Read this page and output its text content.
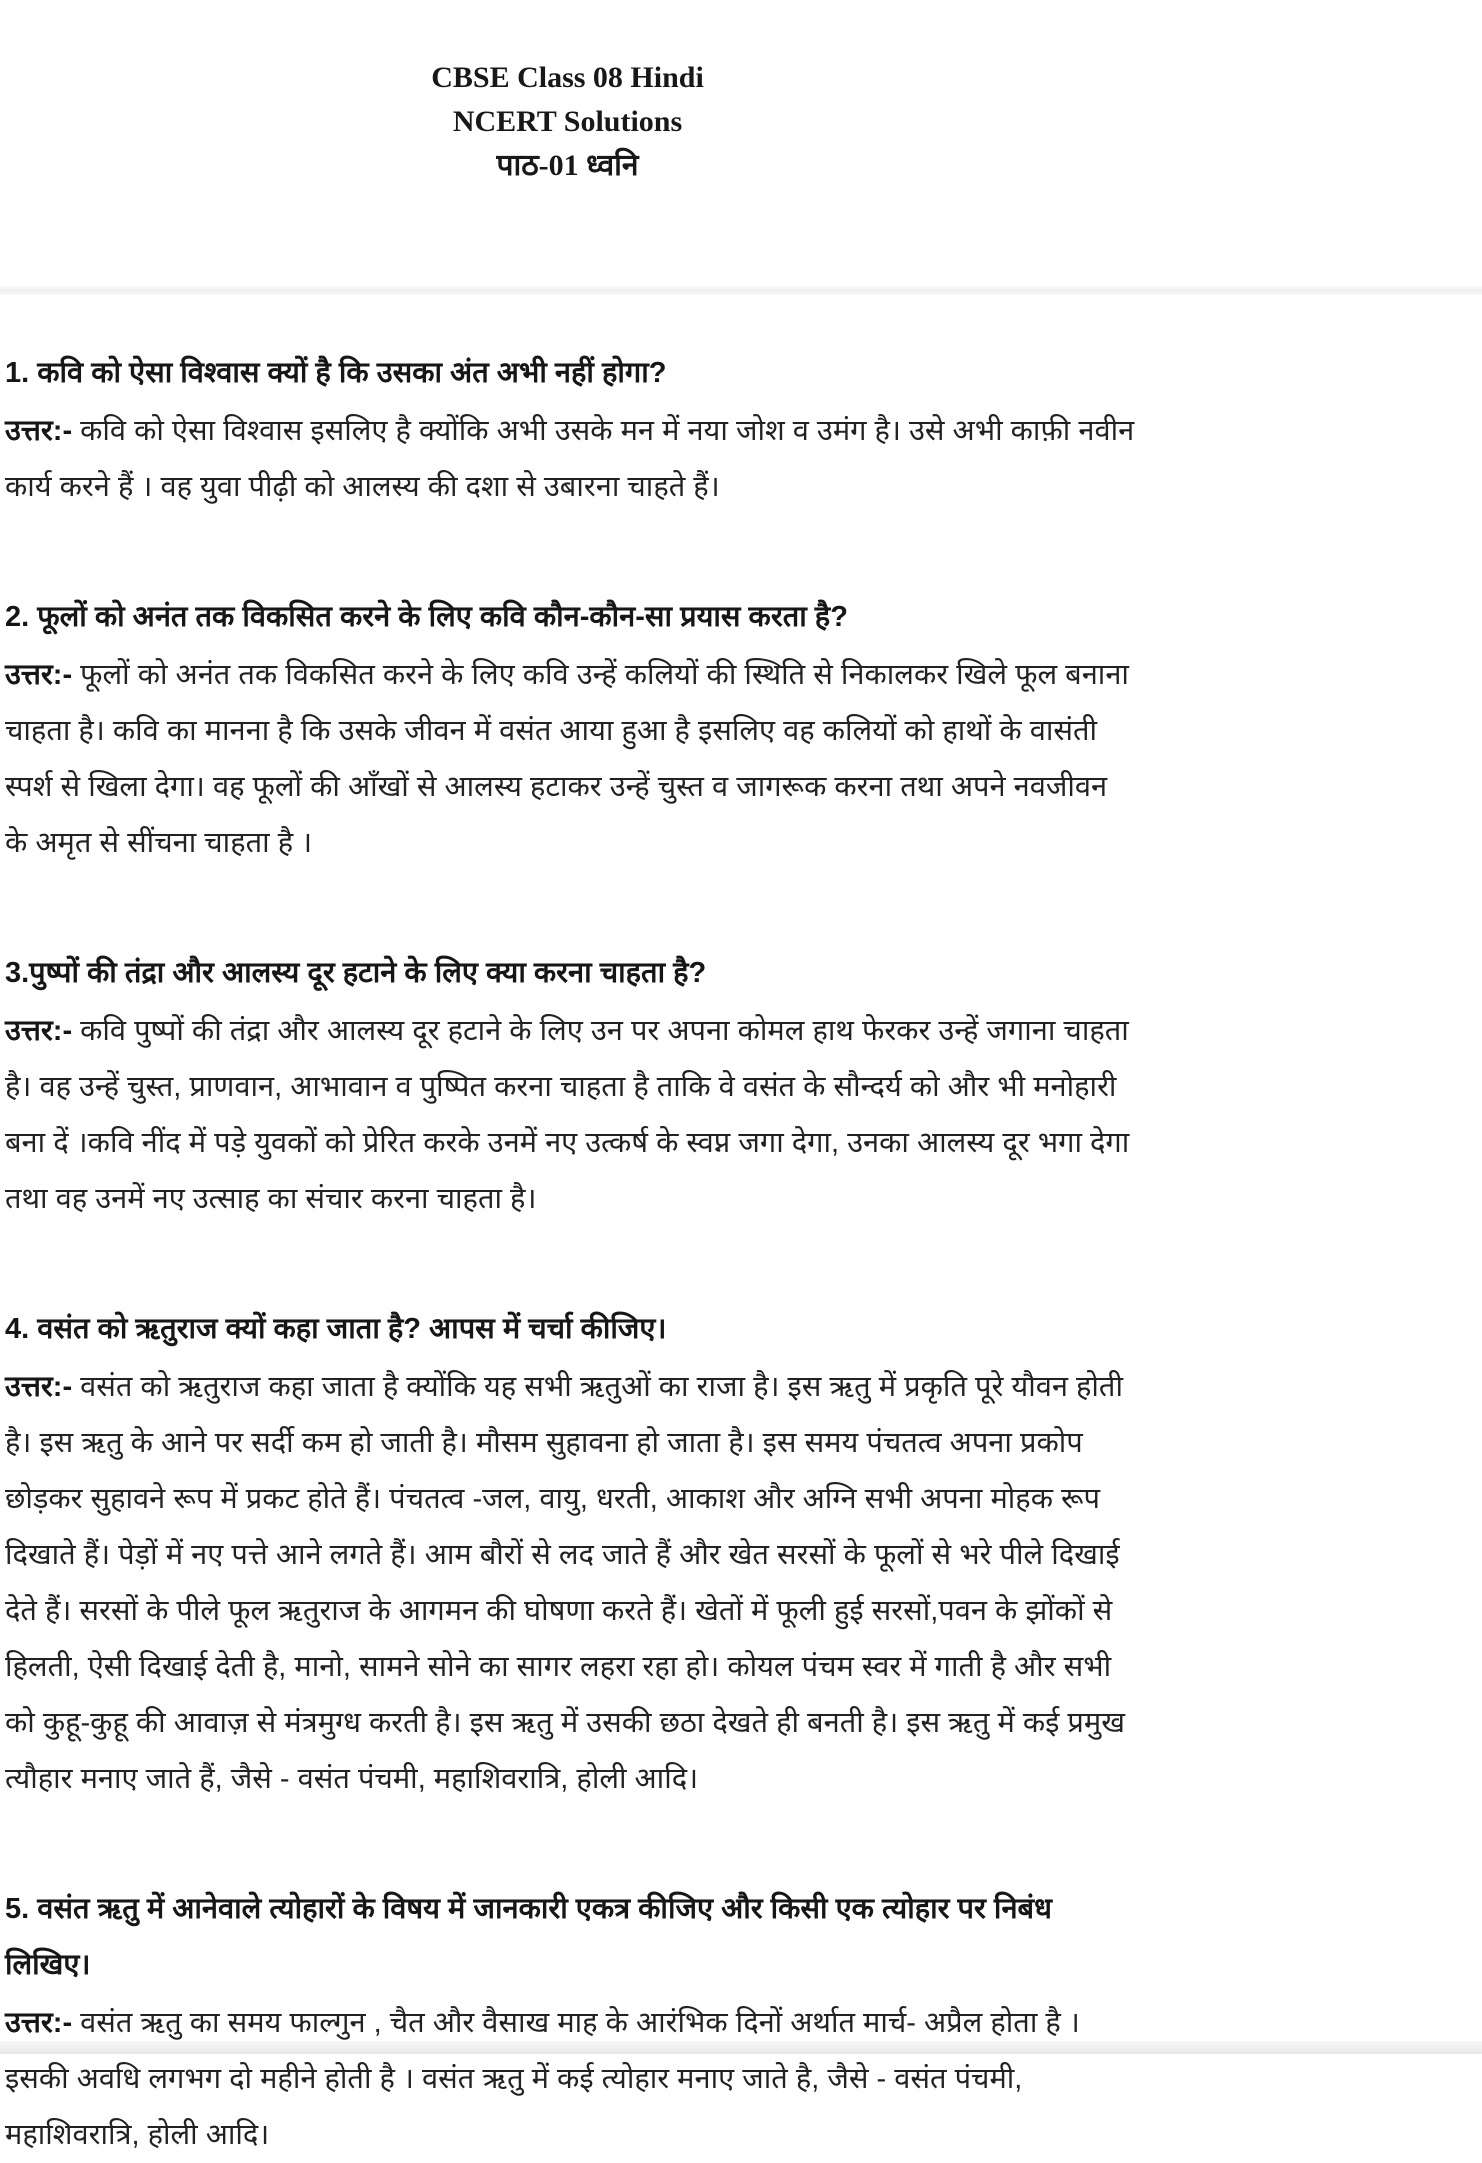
CBSE Class 08 Hindi
NCERT Solutions
पाठ-01 ध्वनि
1. कवि को ऐसा विश्वास क्यों है कि उसका अंत अभी नहीं होगा?

उत्तर:- कवि को ऐसा विश्वास इसलिए है क्योंकि अभी उसके मन में नया जोश व उमंग है। उसे अभी काफ़ी नवीन कार्य करने हैं । वह युवा पीढ़ी को आलस्य की दशा से उबारना चाहते हैं।

2. फूलों को अनंत तक विकसित करने के लिए कवि कौन-कौन-सा प्रयास करता है?

उत्तर:- फूलों को अनंत तक विकसित करने के लिए कवि उन्हें कलियों की स्थिति से निकालकर खिले फूल बनाना चाहता है। कवि का मानना है कि उसके जीवन में वसंत आया हुआ है इसलिए वह कलियों को हाथों के वासंती स्पर्श से खिला देगा। वह फूलों की आँखों से आलस्य हटाकर उन्हें चुस्त व जागरूक करना तथा अपने नवजीवन के अमृत से सींचना चाहता है ।

3.पुष्पों की तंद्रा और आलस्य दूर हटाने के लिए क्या करना चाहता है?

उत्तर:- कवि पुष्पों की तंद्रा और आलस्य दूर हटाने के लिए उन पर अपना कोमल हाथ फेरकर उन्हें जगाना चाहता है। वह उन्हें चुस्त, प्राणवान, आभावान व पुष्पित करना चाहता है ताकि वे वसंत के सौन्दर्य को और भी मनोहारी बना दें ।कवि नींद में पड़े युवकों को प्रेरित करके उनमें नए उत्कर्ष के स्वप्न जगा देगा, उनका आलस्य दूर भगा देगा तथा वह उनमें नए उत्साह का संचार करना चाहता है।

4. वसंत को ऋतुराज क्यों कहा जाता है? आपस में चर्चा कीजिए।

उत्तर:- वसंत को ऋतुराज कहा जाता है क्योंकि यह सभी ऋतुओं का राजा है। इस ऋतु में प्रकृति पूरे यौवन होती है। इस ऋतु के आने पर सर्दी कम हो जाती है। मौसम सुहावना हो जाता है। इस समय पंचतत्व अपना प्रकोप छोड़कर सुहावने रूप में प्रकट होते हैं। पंचतत्व -जल, वायु, धरती, आकाश और अग्नि सभी अपना मोहक रूप दिखाते हैं। पेड़ों में नए पत्ते आने लगते हैं। आम बौरों से लद जाते हैं और खेत सरसों के फूलों से भरे पीले दिखाई देते हैं। सरसों के पीले फूल ऋतुराज के आगमन की घोषणा करते हैं। खेतों में फूली हुई सरसों,पवन के झोंकों से हिलती, ऐसी दिखाई देती है, मानो, सामने सोने का सागर लहरा रहा हो। कोयल पंचम स्वर में गाती है और सभी को कुहू-कुहू की आवाज़ से मंत्रमुग्ध करती है। इस ऋतु में उसकी छठा देखते ही बनती है। इस ऋतु में कई प्रमुख त्यौहार मनाए जाते हैं, जैसे - वसंत पंचमी, महाशिवरात्रि, होली आदि।

5. वसंत ऋतु में आनेवाले त्योहारों के विषय में जानकारी एकत्र कीजिए और किसी एक त्योहार पर निबंध लिखिए।

उत्तर:- वसंत ऋतु का समय फाल्गुन , चैत और वैसाख माह के आरंभिक दिनों अर्थात मार्च- अप्रैल होता है । इसकी अवधि लगभग दो महीने होती है । वसंत ऋतु में कई त्योहार मनाए जाते है, जैसे - वसंत पंचमी, महाशिवरात्रि, होली आदि।
